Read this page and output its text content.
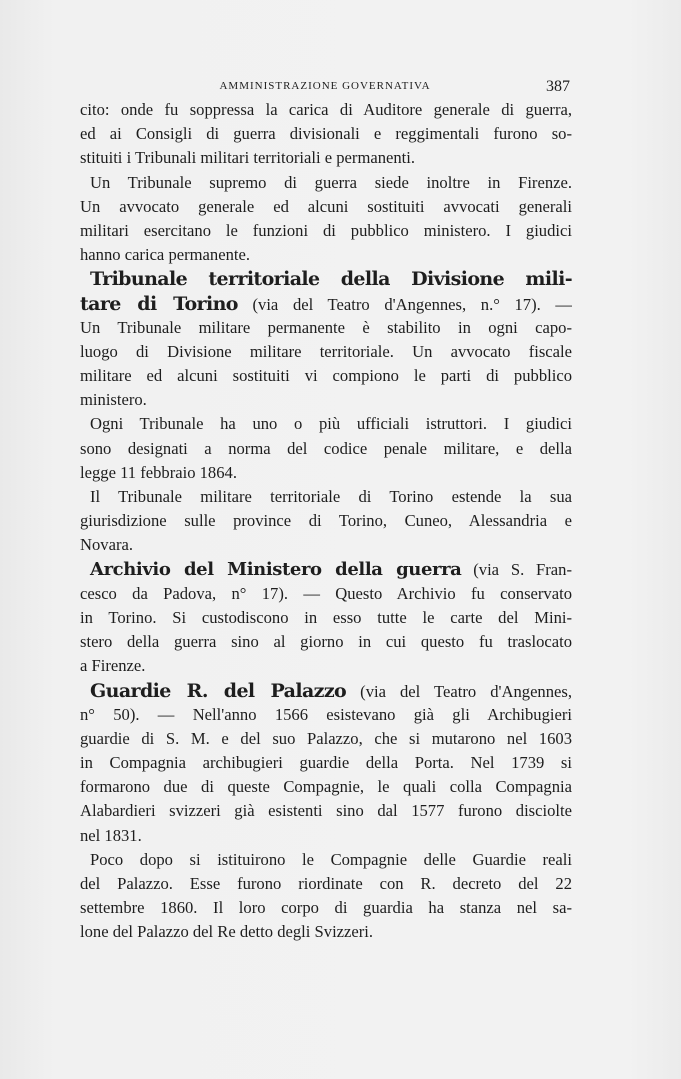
AMMINISTRAZIONE GOVERNATIVA	387
cito: onde fu soppressa la carica di Auditore generale di guerra,
ed ai Consigli di guerra divisionali e reggimentali furono so-
stituiti i Tribunali militari territoriali e permanenti.
Un Tribunale supremo di guerra siede inoltre in Firenze.
Un avvocato generale ed alcuni sostituiti avvocati generali
militari esercitano le funzioni di pubblico ministero. I giudici
hanno carica permanente.
Tribunale territoriale della Divisione mili-
tare di Torino (via del Teatro d'Angennes, n.° 17). —
Un Tribunale militare permanente è stabilito in ogni capo-
luogo di Divisione militare territoriale. Un avvocato fiscale
militare ed alcuni sostituiti vi compiono le parti di pubblico
ministero.
Ogni Tribunale ha uno o più ufficiali istruttori. I giudici
sono designati a norma del codice penale militare, e della
legge 11 febbraio 1864.
Il Tribunale militare territoriale di Torino estende la sua
giurisdizione sulle province di Torino, Cuneo, Alessandria e
Novara.
Archivio del Ministero della guerra (via S. Fran-
cesco da Padova, n° 17). — Questo Archivio fu conservato
in Torino. Si custodiscono in esso tutte le carte del Mini-
stero della guerra sino al giorno in cui questo fu traslocato
a Firenze.
Guardie R. del Palazzo (via del Teatro d'Angennes,
n° 50). — Nell'anno 1566 esistevano già gli Archibugieri
guardie di S. M. e del suo Palazzo, che si mutarono nel 1603
in Compagnia archibugieri guardie della Porta. Nel 1739 si
formarono due di queste Compagnie, le quali colla Compagnia
Alabardieri svizzeri già esistenti sino dal 1577 furono disciolte
nel 1831.
Poco dopo si istituirono le Compagnie delle Guardie reali
del Palazzo. Esse furono riordinate con R. decreto del 22
settembre 1860. Il loro corpo di guardia ha stanza nel sa-
lone del Palazzo del Re detto degli Svizzeri.
